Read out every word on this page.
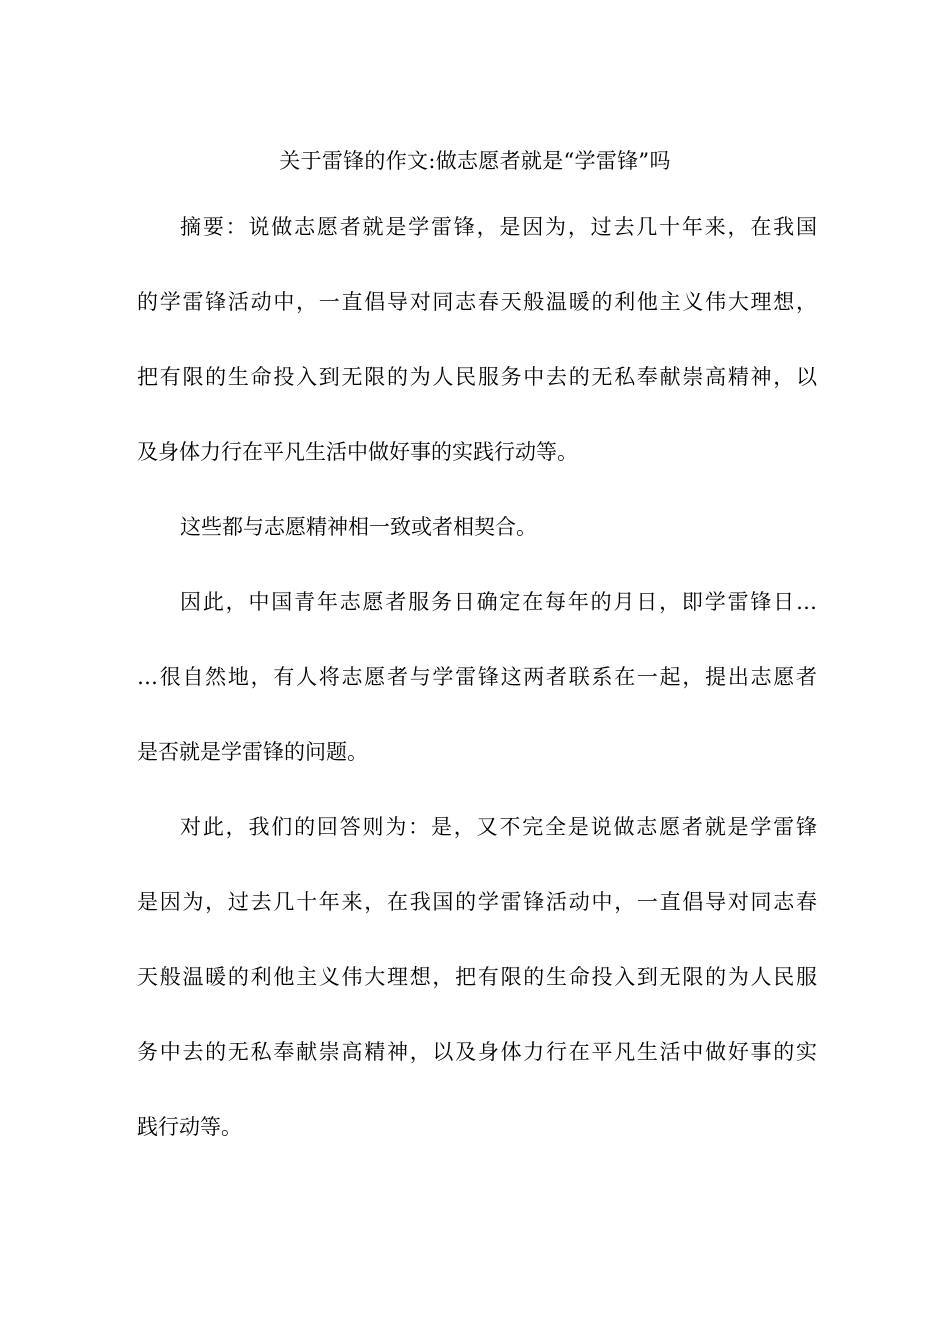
关于雷锋的作文:做志愿者就是“学雷锋”吗
摘要：说做志愿者就是学雷锋，是因为，过去几十年来，在我国
的学雷锋活动中，一直倡导对同志春天般温暖的利他主义伟大理想，
把有限的生命投入到无限的为人民服务中去的无私奉献崇高精神，以
及身体力行在平凡生活中做好事的实践行动等。
这些都与志愿精神相一致或者相契合。
因此，中国青年志愿者服务日确定在每年的月日，即学雷锋日…
…很自然地，有人将志愿者与学雷锋这两者联系在一起，提出志愿者
是否就是学雷锋的问题。
对此，我们的回答则为：是，又不完全是说做志愿者就是学雷锋
是因为，过去几十年来，在我国的学雷锋活动中，一直倡导对同志春
天般温暖的利他主义伟大理想，把有限的生命投入到无限的为人民服
务中去的无私奉献崇高精神，以及身体力行在平凡生活中做好事的实
践行动等。
